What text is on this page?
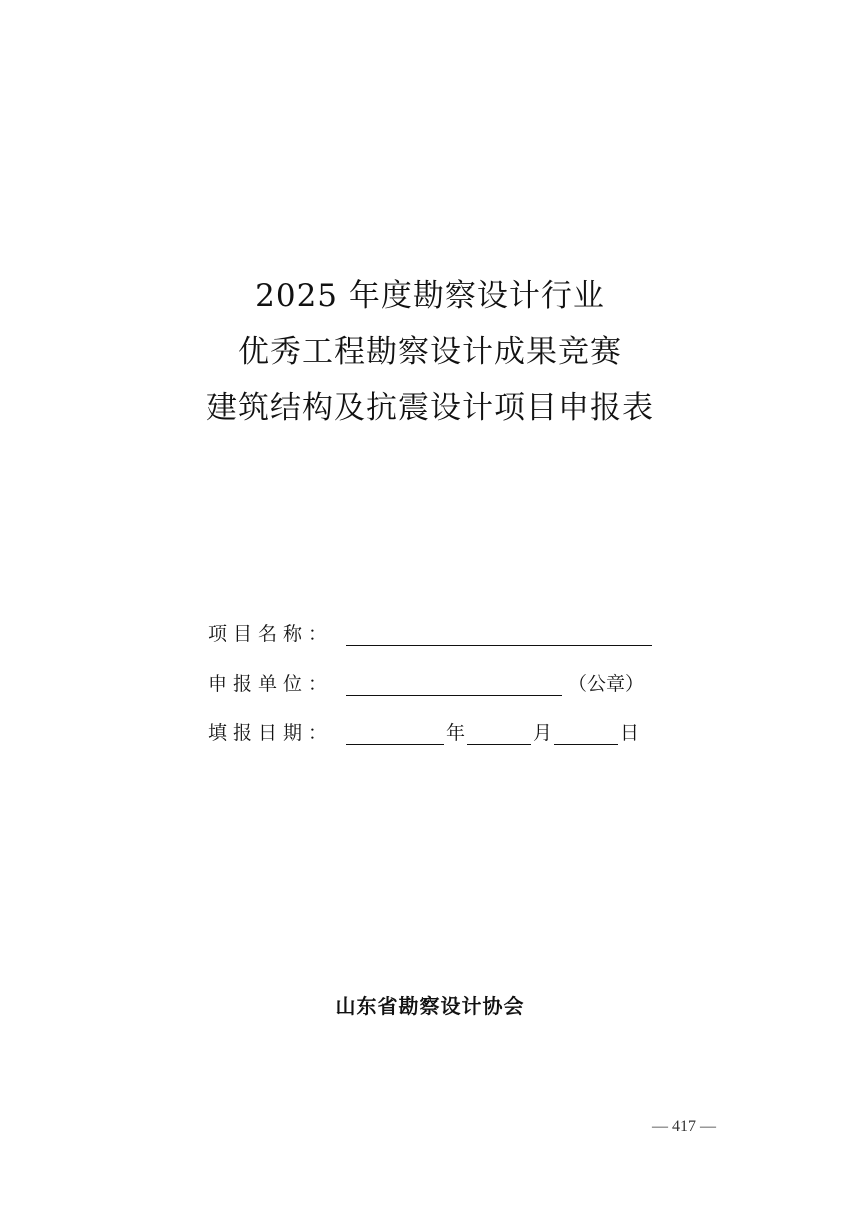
2025 年度勘察设计行业
优秀工程勘察设计成果竞赛
建筑结构及抗震设计项目申报表
项目名称：
申报单位：	（公章）
填报日期：	年	月	日
山东省勘察设计协会
— 417 —
